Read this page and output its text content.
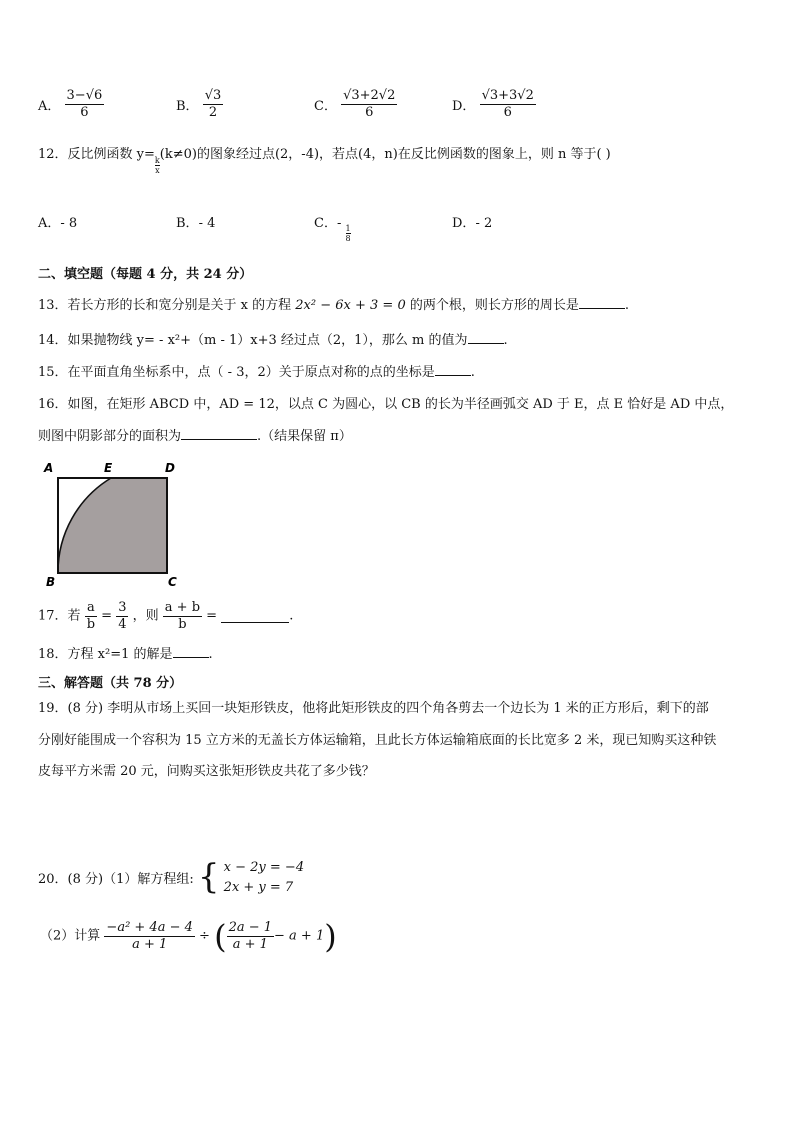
A． $\frac{3-√6}{6}$	B． $\frac{√3}{2}$	C． $\frac{√3+2√2}{6}$	D． $\frac{√3+3√2}{6}$
12．反比例函数 y=
$\frac{k}{x}$
(k≠0)的图象经过点(2，-4)，若点(4，n)在反比例函数的图象上，则 n 等于( )
A．- 8	B．- 4	C．-
$\frac{1}{8}$
D．- 2
二、填空题（每题 4 分，共 24 分）
13．若长方形的长和宽分别是关于 x 的方程 2x² − 6x + 3 = 0 的两个根，则长方形的周长是	.
14．如果抛物线 y= - x²+（m - 1）x+3 经过点（2，1），那么 m 的值为	.
15．在平面直角坐标系中，点（ - 3，2）关于原点对称的点的坐标是	.
16．如图，在矩形 ABCD 中，AD = 12，以点 C 为圆心，以 CB 的长为半径画弧交 AD 于 E，点 E 恰好是 AD 中点，
则图中阴影部分的面积为	.（结果保留 π）
A	E	D
B	C
17．若 $\frac{a}{b} = \frac{3}{4}$ ，则 $\frac{a + b}{b}$ =	.
18．方程 x²=1 的解是	.
三、解答题（共 78 分）
19．(8 分) 李明从市场上买回一块矩形铁皮，他将此矩形铁皮的四个角各剪去一个边长为 1 米的正方形后，剩下的部
分刚好能围成一个容积为 15 立方米的无盖长方体运输箱，且此长方体运输箱底面的长比宽多 2 米，现已知购买这种铁
皮每平方米需 20 元，问购买这张矩形铁皮共花了多少钱？
20．(8 分)（1）解方程组: { x − 2y = −4
2x + y = 7
（2）计算 $\frac{\text{−a² + 4a − 4}}{a + 1}$ ÷ ( $\frac{2a - 1}{a + 1} - a + 1$)
